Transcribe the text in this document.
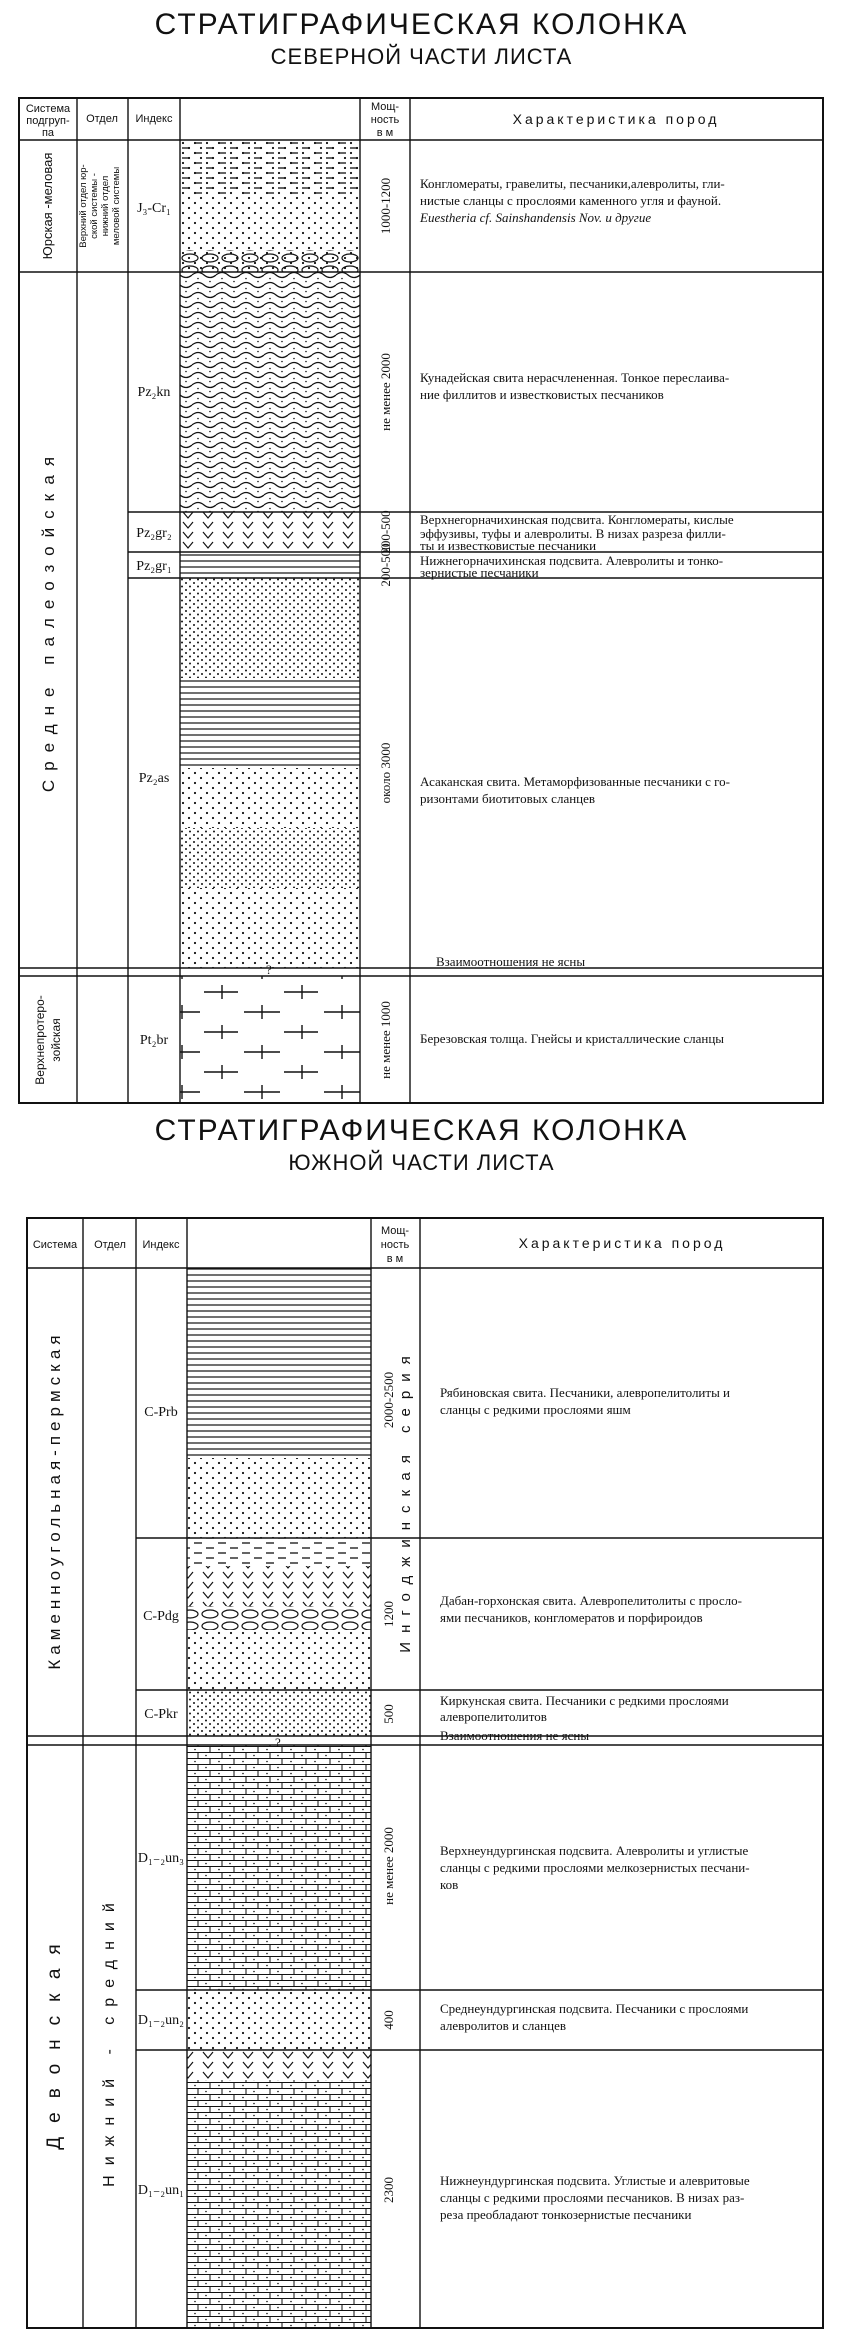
СТРАТИГРАФИЧЕСКАЯ КОЛОНКА
СЕВЕРНОЙ ЧАСТИ ЛИСТА
СТРАТИГРАФИЧЕСКАЯ КОЛОНКА
ЮЖНОЙ ЧАСТИ ЛИСТА
Система
подгруп-
па
Отдел Индекс
Мощ-
ность
в м
Характеристика пород
Юрская -меловая
Средне палеозойская
Верхнепротеро- зойская
Верхний отдел юр- ской системы - нижний отдел меловой системы J₃-Cr₁
Pz₂kn
Pz₂gr₂
Pz₂gr₁
Pz₂as
Pt₂br
1000-1200
не менее 2000
200-500
200-500
около 3000
не менее 1000
Конгломераты, гравелиты, песчаники,алевролиты, гли-
нистые сланцы с прослоями каменного угля и фауной.
Euestheria cf. Sainshandensis Nov. и другие
Кунадейская свита нерасчлененная. Тонкое переслаива-
ние филлитов и известковистых песчаников
Верхнегорначихинская подсвита. Конгломераты, кислые
эффузивы, туфы и алевролиты. В низах разреза филли-
ты и известковистые песчаники
Нижнегорначихинская подсвита. Алевролиты и тонко-
зернистые песчаники
Асаканская свита. Метаморфизованные песчаники с го-
ризонтами биотитовых сланцев
Взаимоотношения не ясны
?
Березовская толща. Гнейсы и кристаллические сланцы
Система Отдел Индекс
Мощ-
ность
в м
Характеристика пород
Каменноугольная-пермская
Девонская Нижний - средний
Ингоджинская серия
C-Prb
C-Pdg
C-Pkr
D₁₋₂un₃
D₁₋₂un₂
D₁₋₂un₁
2000-2500
1200
500
не менее 2000
400
2300
Рябиновская свита. Песчаники, алевропелитолиты и
сланцы с редкими прослоями яшм
Дабан-горхонская свита. Алевропелитолиты с просло-
ями песчаников, конгломератов и порфироидов
Киркунская свита. Песчаники с редкими прослоями
алевропелитолитов
Взаимоотношения не ясны
?
Верхнеундургинская подсвита. Алевролиты и углистые
сланцы с редкими прослоями мелкозернистых песчани-
ков
Среднеундургинская подсвита. Песчаники с прослоями
алевролитов и сланцев
Нижнеундургинская подсвита. Углистые и алевритовые
сланцы с редкими прослоями песчаников. В низах раз-
реза преобладают тонкозернистые песчаники
